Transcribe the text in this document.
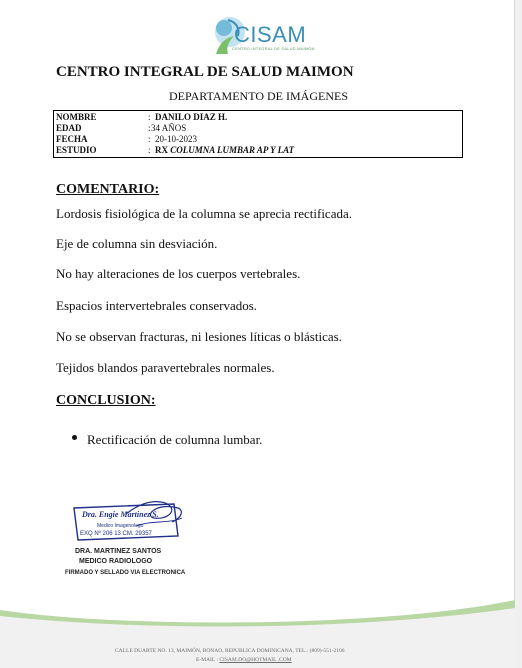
CISAM
CENTRO INTEGRAL DE SALUD MAIMON
CENTRO INTEGRAL DE SALUD MAIMON
DEPARTAMENTO DE IMÁGENES
NOMBRE	: DANILO DIAZ H.
EDAD	: 34 AÑOS
FECHA	: 20-10-2023
ESTUDIO	: RX COLUMNA LUMBAR AP Y LAT
COMENTARIO:
Lordosis fisiológica de la columna se aprecia rectificada.
Eje de columna sin desviación.
No hay alteraciones de los cuerpos vertebrales.
Espacios intervertebrales conservados.
No se observan fracturas, ni lesiones líticas o blásticas.
Tejidos blandos paravertebrales normales.
CONCLUSION:
Rectificación de columna lumbar.
Dra. Engie Martinez S.
Medico Imagenologo
EXQ Nº 206 13 CM. 29357
DRA. MARTINEZ SANTOS
MEDICO RADIOLOGO
FIRMADO Y SELLADO VIA ELECTRONICA
CALLE DUARTE NO. 13, MAIMÓN, BONAO, REPUBLICA DOMINICANA, TEL.: (809)-551-2106
E-MAIL : CISAM.DO@HOTMAIL .COM
